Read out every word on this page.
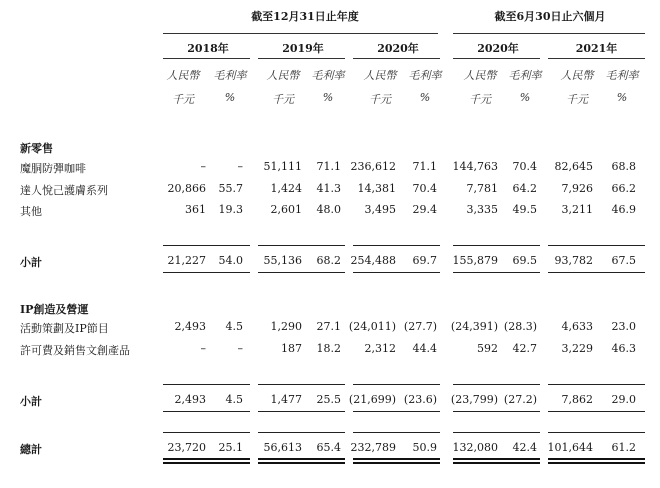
截至12月31日止年度	截至6月30日止六個月
2018年	2019年	2020年	2020年	2021年
人民幣	毛利率	人民幣	毛利率	人民幣	毛利率	人民幣	毛利率	人民幣	毛利率
千元	%	千元	%	千元	%	千元	%	千元	%
新零售
魔胴防彈咖啡	–	–	51,111	71.1 236,612	71.1	144,763	70.4	82,645	68.8
達人悅己護膚系列	20,866	55.7	1,424	41.3	14,381	70.4	7,781	64.2	7,926	66.2
其他	361	19.3	2,601	48.0	3,495	29.4	3,335	49.5	3,211	46.9
小計	21,227	54.0	55,136	68.2 254,488	69.7	155,879	69.5	93,782	67.5
IP創造及營運
活動策劃及IP節目	2,493	4.5	1,290	27.1 (24,011) (27.7)	(24,391) (28.3)	4,633	23.0
許可費及銷售文創產品	–	–	187	18.2	2,312	44.4	592	42.7	3,229	46.3
小計	2,493	4.5	1,477	25.5 (21,699) (23.6)	(23,799) (27.2)	7,862	29.0
總計	23,720	25.1	56,613	65.4 232,789	50.9	132,080	42.4 101,644	61.2
